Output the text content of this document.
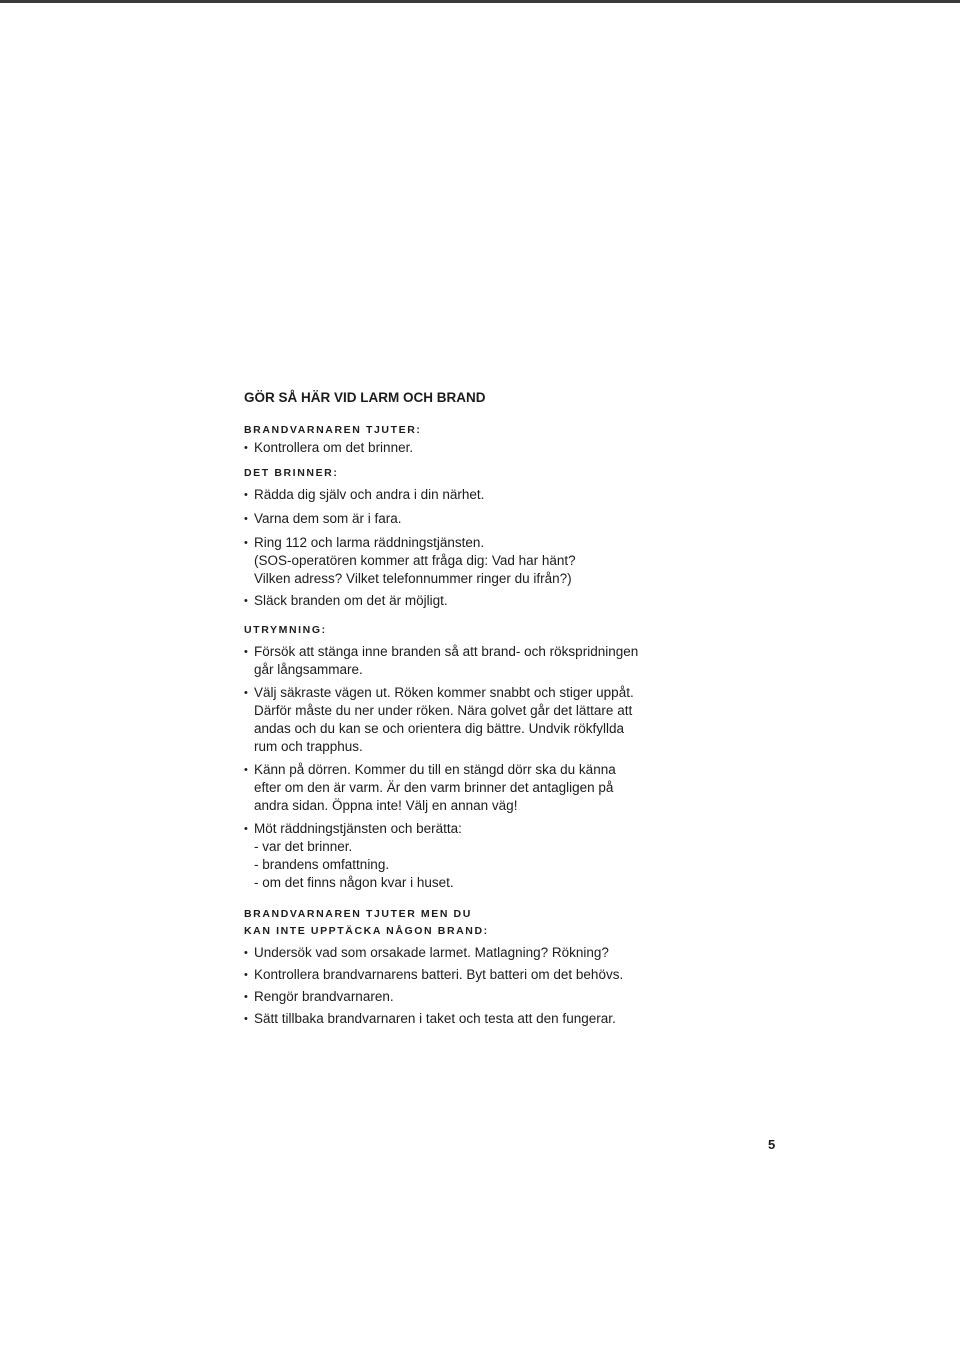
GÖR SÅ HÄR VID LARM OCH BRAND
BRANDVARNAREN TJUTER:
• Kontrollera om det brinner.
DET BRINNER:
• Rädda dig själv och andra i din närhet.
• Varna dem som är i fara.
• Ring 112 och larma räddningstjänsten.
(SOS-operatören kommer att fråga dig: Vad har hänt?
Vilken adress? Vilket telefonnummer ringer du ifrån?)
• Släck branden om det är möjligt.
UTRYMNING:
• Försök att stänga inne branden så att brand- och rökspridningen
går långsammare.
• Välj säkraste vägen ut. Röken kommer snabbt och stiger uppåt.
Därför måste du ner under röken. Nära golvet går det lättare att
andas och du kan se och orientera dig bättre. Undvik rökfyllda
rum och trapphus.
• Känn på dörren. Kommer du till en stängd dörr ska du känna
efter om den är varm. Är den varm brinner det antagligen på
andra sidan. Öppna inte! Välj en annan väg!
• Möt räddningstjänsten och berätta:
- var det brinner.
- brandens omfattning.
- om det finns någon kvar i huset.
BRANDVARNAREN TJUTER MEN DU
KAN INTE UPPTÄCKA NÅGON BRAND:
• Undersök vad som orsakade larmet. Matlagning? Rökning?
• Kontrollera brandvarnarens batteri. Byt batteri om det behövs.
• Rengör brandvarnaren.
• Sätt tillbaka brandvarnaren i taket och testa att den fungerar.
5
